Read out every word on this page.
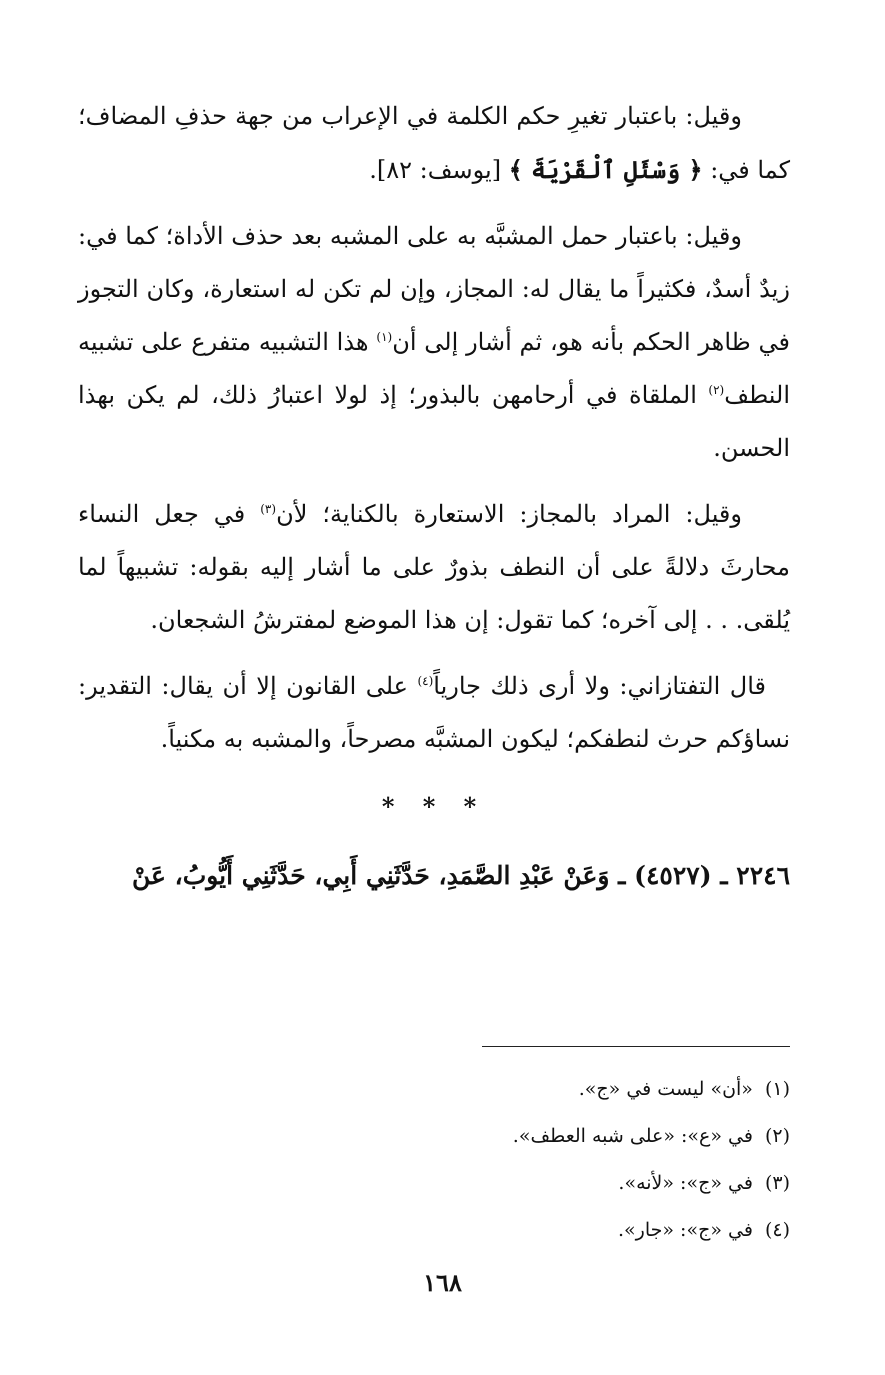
وقيل: باعتبار تغيرِ حكم الكلمة في الإعراب من جهة حذفِ المضاف؛ كما في: ﴿ وَسْئَلِ ٱلْقَرْيَةَ ﴾ [يوسف: ٨٢].

وقيل: باعتبار حمل المشبَّه به على المشبه بعد حذف الأداة؛ كما في: زيدٌ أسدٌ، فكثيراً ما يقال له: المجاز، وإن لم تكن له استعارة، وكان التجوز في ظاهر الحكم بأنه هو، ثم أشار إلى أن$^{(١)}$ هذا التشبيه متفرع على تشبيه النطف$^{(٢)}$ الملقاة في أرحامهن بالبذور؛ إذ لولا اعتبارُ ذلك، لم يكن بهذا الحسن.

وقيل: المراد بالمجاز: الاستعارة بالكناية؛ لأن$^{(٣)}$ في جعل النساء محارثَ دلالةً على أن النطف بذورٌ على ما أشار إليه بقوله: تشبيهاً لما يُلقى. . . إلى آخره؛ كما تقول: إن هذا الموضع لمفترشُ الشجعان.

قال التفتازاني: ولا أرى ذلك جارياً$^{(٤)}$ على القانون إلا أن يقال: التقدير: نساؤكم حرث لنطفكم؛ ليكون المشبَّه مصرحاً، والمشبه به مكنياً.

* * *

٢٢٤٦ ـ (٤٥٢٧) ـ وَعَنْ عَبْدِ الصَّمَدِ، حَدَّثَنِي أَبِي، حَدَّثَنِي أَيُّوبُ، عَنْ

(١)«أن» ليست في «ج».
(٢)في «ع»: «على شبه العطف».
(٣)في «ج»: «لأنه».
(٤)في «ج»: «جار».
١٦٨
